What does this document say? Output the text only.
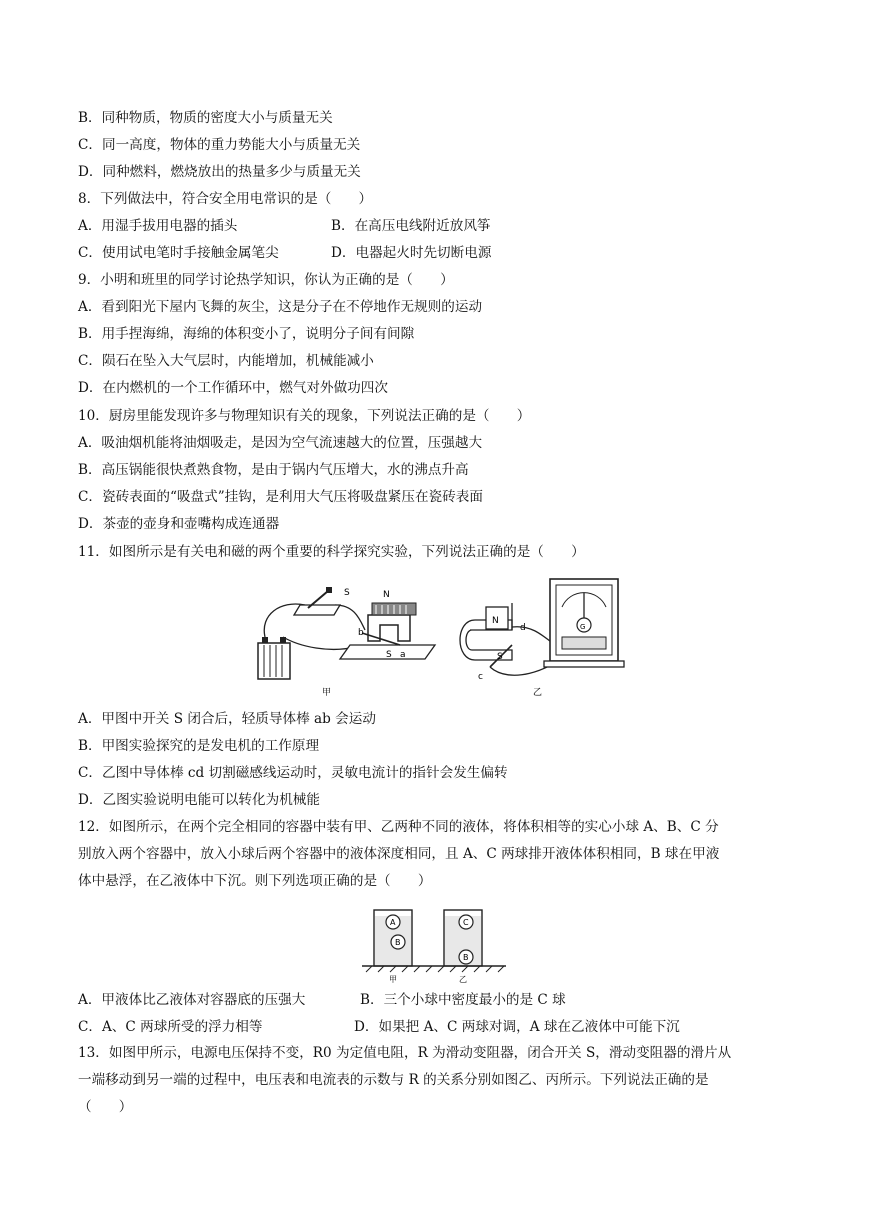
B．同种物质，物质的密度大小与质量无关
C．同一高度，物体的重力势能大小与质量无关
D．同种燃料，燃烧放出的热量多少与质量无关
8．下列做法中，符合安全用电常识的是（　　）
A．用湿手拔用电器的插头	B．在高压电线附近放风筝
C．使用试电笔时手接触金属笔尖	D．电器起火时先切断电源
9．小明和班里的同学讨论热学知识，你认为正确的是（　　）
A．看到阳光下屋内飞舞的灰尘，这是分子在不停地作无规则的运动
B．用手捏海绵，海绵的体积变小了，说明分子间有间隙
C．陨石在坠入大气层时，内能增加，机械能减小
D．在内燃机的一个工作循环中，燃气对外做功四次
10．厨房里能发现许多与物理知识有关的现象，下列说法正确的是（　　）
A．吸油烟机能将油烟吸走，是因为空气流速越大的位置，压强越大
B．高压锅能很快煮熟食物，是由于锅内气压增大，水的沸点升高
C．瓷砖表面的“吸盘式”挂钩，是利用大气压将吸盘紧压在瓷砖表面
D．茶壶的壶身和壶嘴构成连通器
11．如图所示是有关电和磁的两个重要的科学探究实验，下列说法正确的是（　　）
S	N
b
a
S
甲
N
S
d
c
G
乙
A．甲图中开关 S 闭合后，轻质导体棒 ab 会运动
B．甲图实验探究的是发电机的工作原理
C．乙图中导体棒 cd 切割磁感线运动时，灵敏电流计的指针会发生偏转
D．乙图实验说明电能可以转化为机械能
12．如图所示，在两个完全相同的容器中装有甲、乙两种不同的液体，将体积相等的实心小球 A、B、C 分
别放入两个容器中，放入小球后两个容器中的液体深度相同，且 A、C 两球排开液体体积相同，B 球在甲液
体中悬浮，在乙液体中下沉。则下列选项正确的是（　　）
A
B
C
B
甲	乙
A．甲液体比乙液体对容器底的压强大	B．三个小球中密度最小的是 C 球
C．A、C 两球所受的浮力相等	D．如果把 A、C 两球对调，A 球在乙液体中可能下沉
13．如图甲所示，电源电压保持不变，R0 为定值电阻，R 为滑动变阻器，闭合开关 S，滑动变阻器的滑片从
一端移动到另一端的过程中，电压表和电流表的示数与 R 的关系分别如图乙、丙所示。下列说法正确的是
（　　）
